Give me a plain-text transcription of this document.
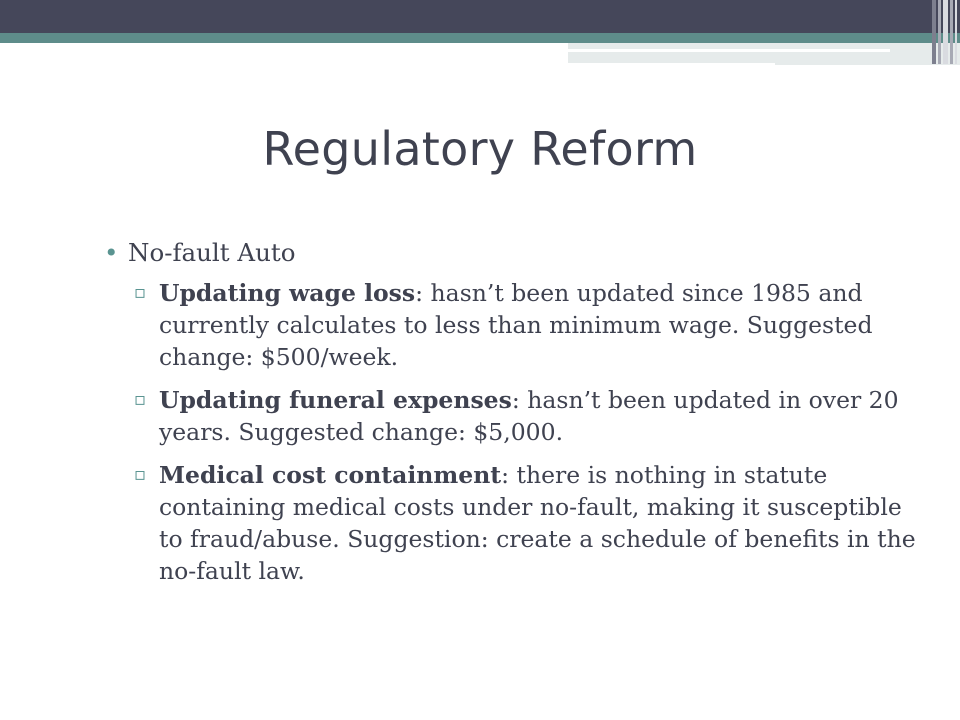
Regulatory Reform
• No-fault Auto
▫ Updating wage loss: hasn’t been updated since 1985 and currently calculates to less than minimum wage. Suggested change: $500/week.
▫ Updating funeral expenses: hasn’t been updated in over 20 years. Suggested change: $5,000.
▫ Medical cost containment: there is nothing in statute containing medical costs under no-fault, making it susceptible to fraud/abuse. Suggestion: create a schedule of benefits in the no-fault law.
